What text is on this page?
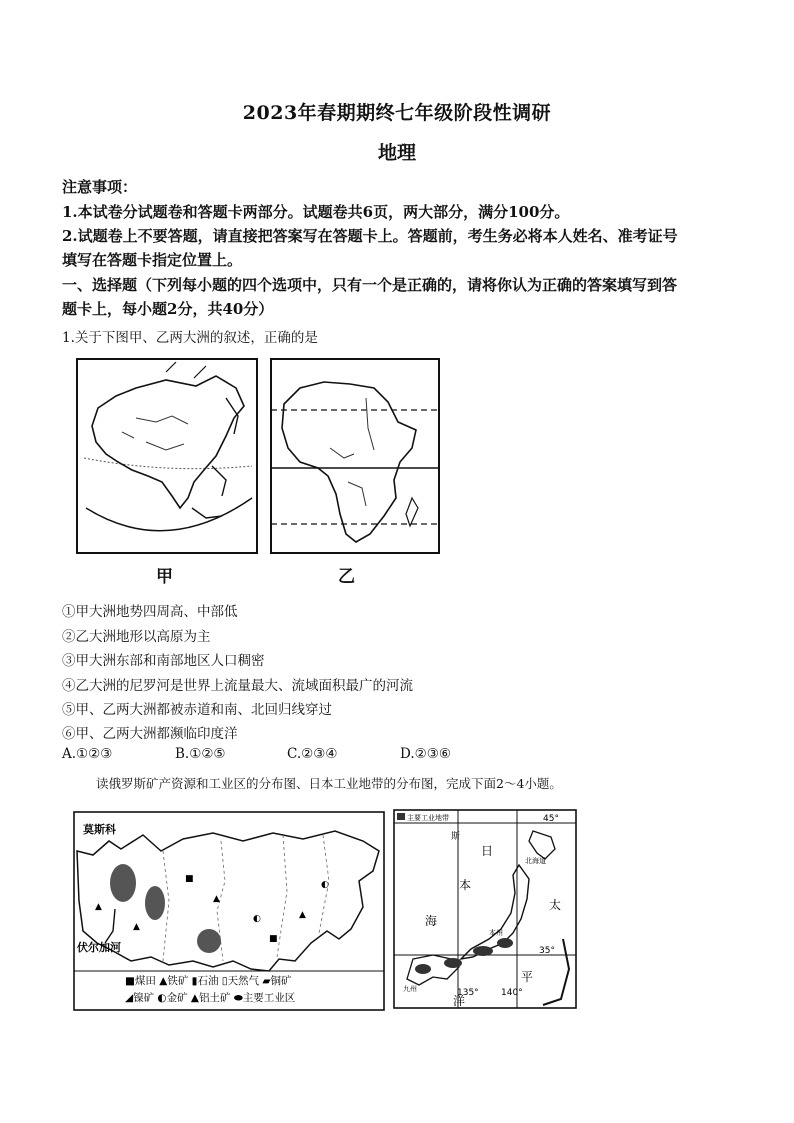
2023年春期期终七年级阶段性调研
地理
注意事项：
1.本试卷分试题卷和答题卡两部分。试题卷共6页，两大部分，满分100分。
2.试题卷上不要答题，请直接把答案写在答题卡上。答题前，考生务必将本人姓名、准考证号
填写在答题卡指定位置上。
一、选择题（下列每小题的四个选项中，只有一个是正确的，请将你认为正确的答案填写到答
题卡上，每小题2分，共40分）
1.关于下图甲、乙两大洲的叙述，正确的是
甲	乙
①甲大洲地势四周高、中部低
②乙大洲地形以高原为主
③甲大洲东部和南部地区人口稠密
④乙大洲的尼罗河是世界上流量最大、流域面积最广的河流
⑤甲、乙两大洲都被赤道和南、北回归线穿过
⑥甲、乙两大洲都濒临印度洋
A.①②③	B.①②⑤	C.②③④	D.②③⑥
读俄罗斯矿产资源和工业区的分布图、日本工业地带的分布图，完成下面2～4小题。
■
▲
◐	▲
◐
■
▲
▲
莫斯科
伏尔加河
■煤田 ▲铁矿 ▮石油 ▯天然气 ▰铜矿
◢镍矿 ◐金矿 ▲铝土矿 ⬬主要工业区
主要工业地带
斯
日
本
海
太
平
洋
北海道
本州
九州
45°
35°
135° 140°
